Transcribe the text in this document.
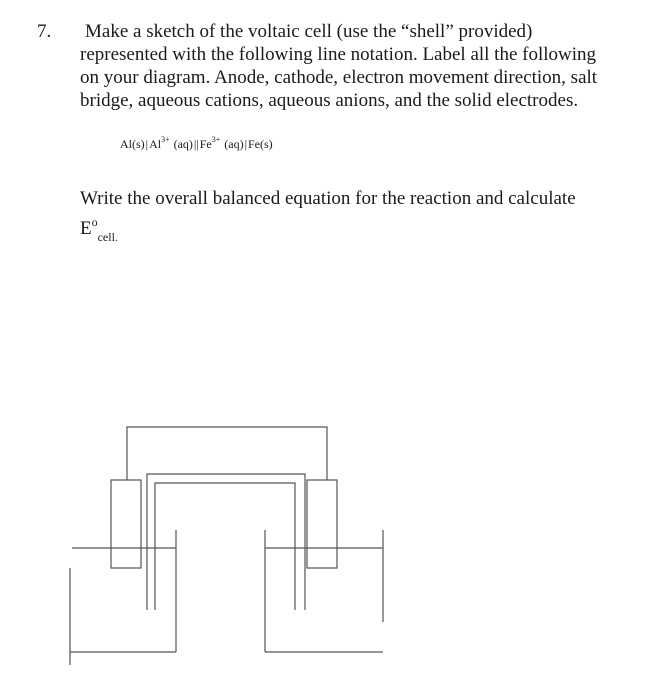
7. Make a sketch of the voltaic cell (use the “shell” provided)
represented with the following line notation. Label all the following
on your diagram. Anode, cathode, electron movement direction, salt
bridge, aqueous cations, aqueous anions, and the solid electrodes.
$Al(s)|Al^{3+}$ $(aq)||Fe^{3+}$ (aq)|Fe(s)
Write the overall balanced equation for the reaction and calculate
$E^o_{cell.}$
